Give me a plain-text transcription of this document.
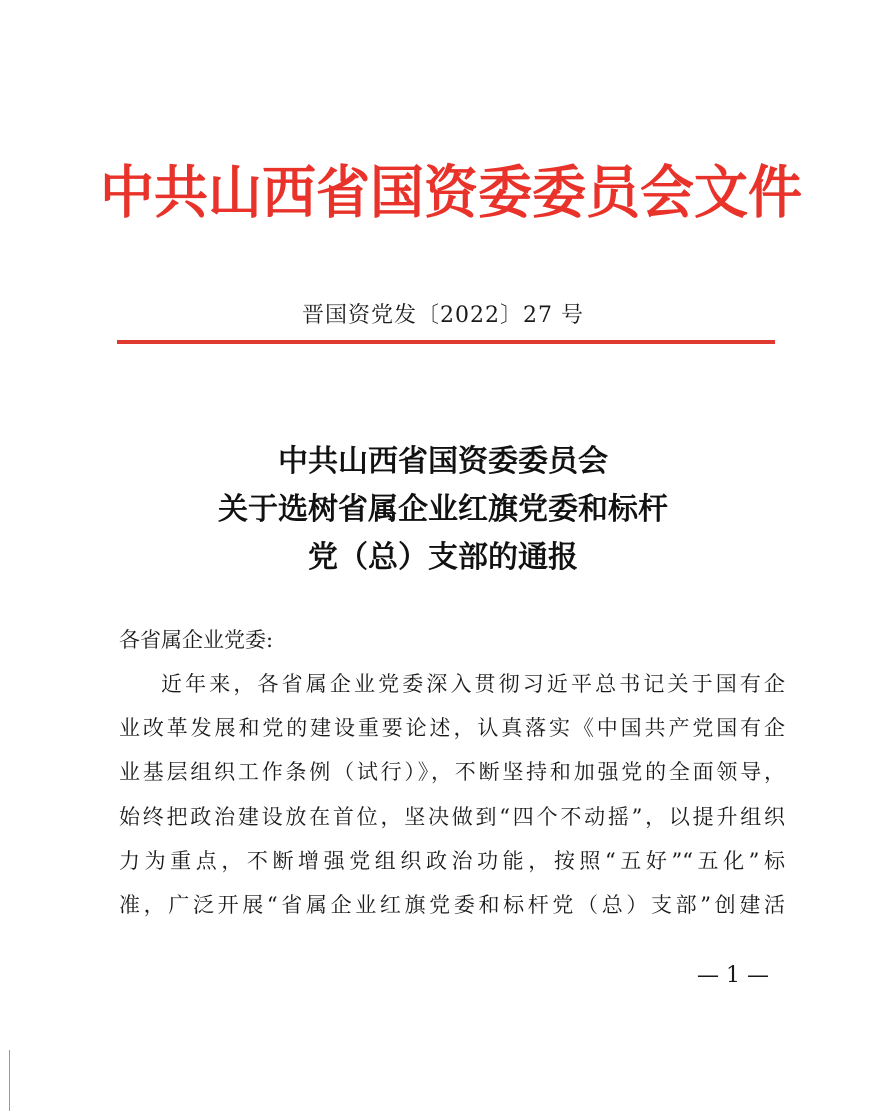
中共山西省国资委委员会文件
晋国资党发〔2022〕27 号
中共山西省国资委委员会
关于选树省属企业红旗党委和标杆
党（总）支部的通报
各省属企业党委:
近年来，各省属企业党委深入贯彻习近平总书记关于国有企
业改革发展和党的建设重要论述，认真落实《中国共产党国有企
业基层组织工作条例（试行）》，不断坚持和加强党的全面领导，
始终把政治建设放在首位，坚决做到“四个不动摇”，以提升组织
力为重点，不断增强党组织政治功能，按照“五好”“五化”标
准，广泛开展“省属企业红旗党委和标杆党（总）支部”创建活
— 1 —
